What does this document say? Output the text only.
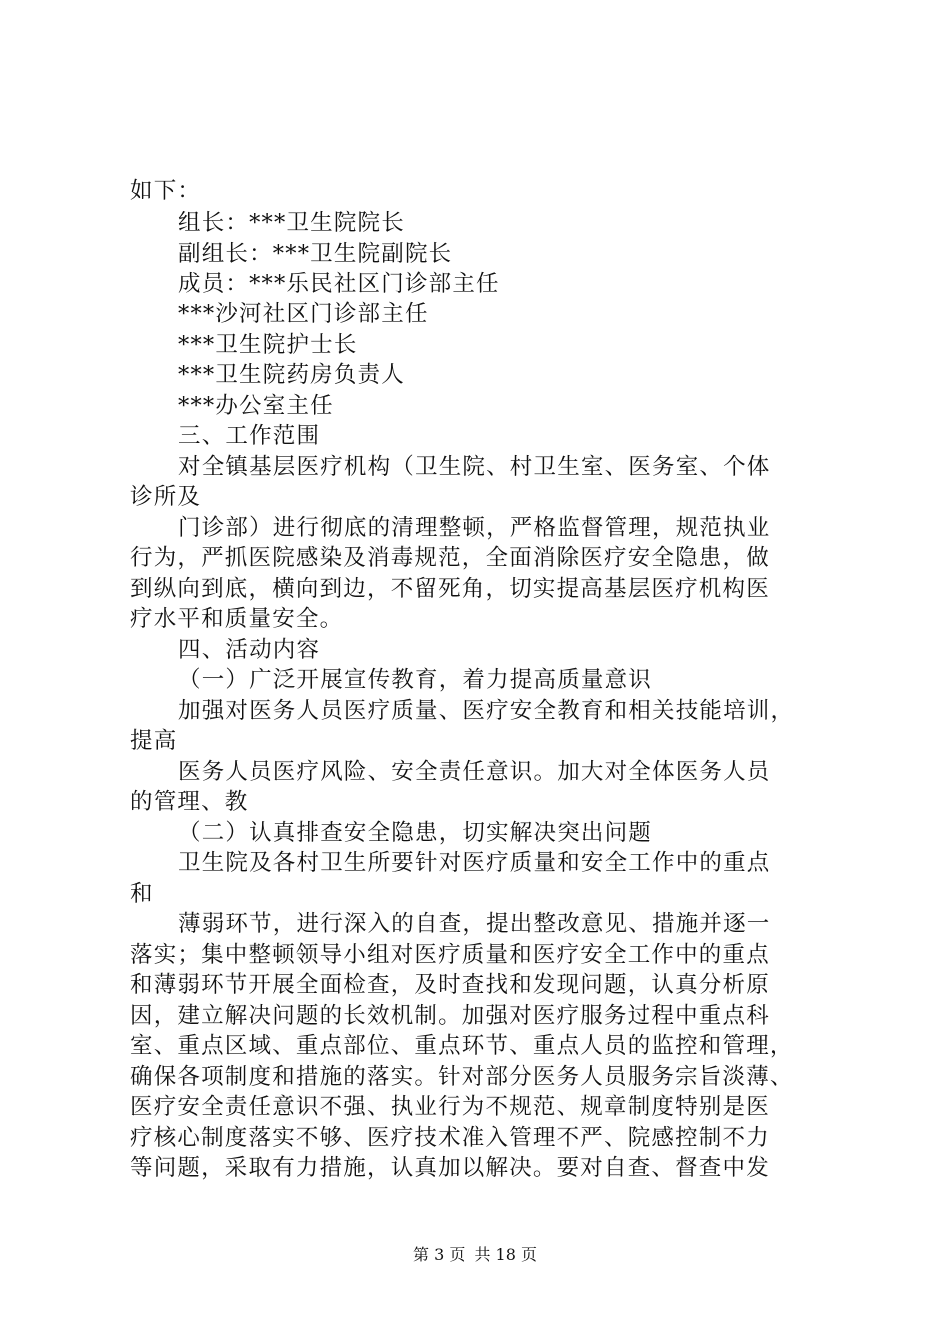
如下：
组长：***卫生院院长
副组长：***卫生院副院长
成员：***乐民社区门诊部主任
***沙河社区门诊部主任
***卫生院护士长
***卫生院药房负责人
***办公室主任
三、工作范围
对全镇基层医疗机构（卫生院、村卫生室、医务室、个体
诊所及
门诊部）进行彻底的清理整顿，严格监督管理，规范执业
行为，严抓医院感染及消毒规范，全面消除医疗安全隐患，做
到纵向到底，横向到边，不留死角，切实提高基层医疗机构医
疗水平和质量安全。
四、活动内容
（一）广泛开展宣传教育，着力提高质量意识
加强对医务人员医疗质量、医疗安全教育和相关技能培训，
提高
医务人员医疗风险、安全责任意识。加大对全体医务人员
的管理、教
（二）认真排查安全隐患，切实解决突出问题
卫生院及各村卫生所要针对医疗质量和安全工作中的重点
和
薄弱环节，进行深入的自查，提出整改意见、措施并逐一
落实；集中整顿领导小组对医疗质量和医疗安全工作中的重点
和薄弱环节开展全面检查，及时查找和发现问题，认真分析原
因，建立解决问题的长效机制。加强对医疗服务过程中重点科
室、重点区域、重点部位、重点环节、重点人员的监控和管理，
确保各项制度和措施的落实。针对部分医务人员服务宗旨淡薄、
医疗安全责任意识不强、执业行为不规范、规章制度特别是医
疗核心制度落实不够、医疗技术准入管理不严、院感控制不力
等问题，采取有力措施，认真加以解决。要对自查、督查中发
第 3 页 共 18 页
